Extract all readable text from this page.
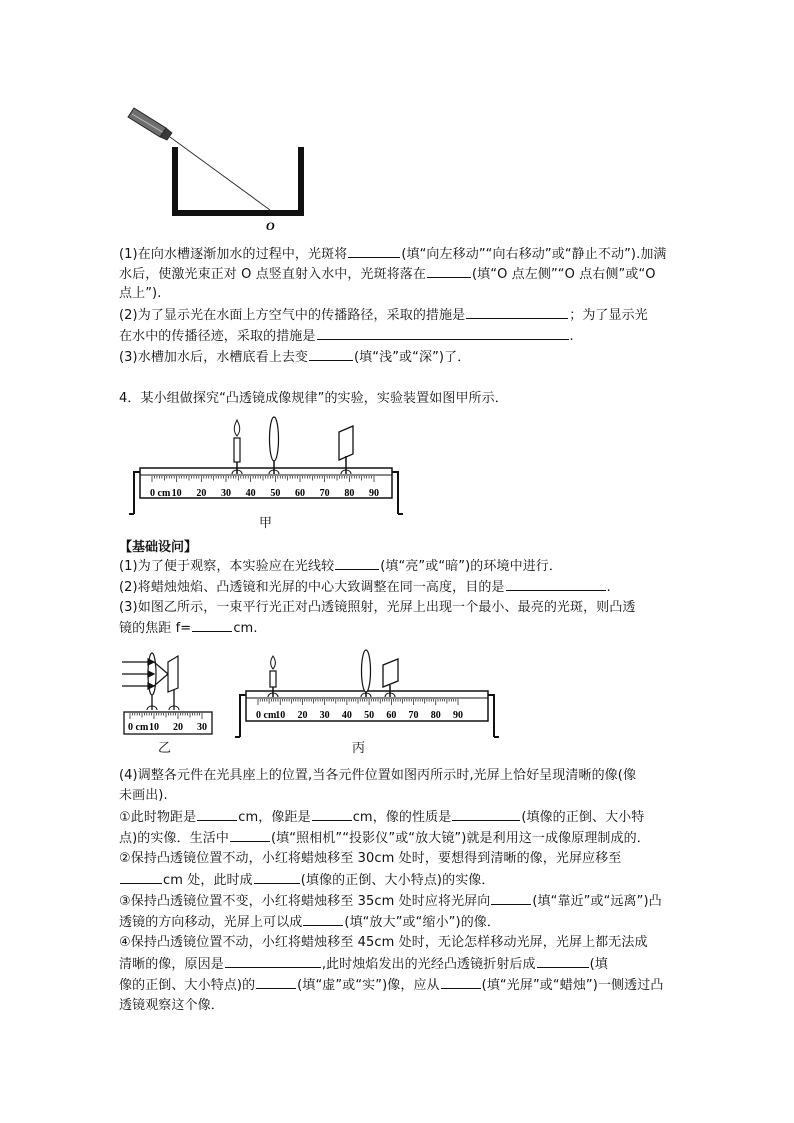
O
(1)在向水槽逐渐加水的过程中，光斑将	(填“向左移动”“向右移动”或“静止不动”).加满
水后，使激光束正对 O 点竖直射入水中，光斑将落在	(填“O 点左侧”“O 点右侧”或“O
点上”).
(2)为了显示光在水面上方空气中的传播路径，采取的措施是	；为了显示光
在水中的传播径迹，采取的措施是	.
(3)水槽加水后，水槽底看上去变	(填“浅”或“深”)了．
4．某小组做探究“凸透镜成像规律”的实验，实验装置如图甲所示．
0 cm 10 20 30 40 50 60 70 80 90
甲
【基础设问】
(1)为了便于观察，本实验应在光线较	(填“亮”或“暗”)的环境中进行．
(2)将蜡烛烛焰、凸透镜和光屏的中心大致调整在同一高度，目的是	.
(3)如图乙所示，一束平行光正对凸透镜照射，光屏上出现一个最小、最亮的光斑，则凸透
镜的焦距 f=	cm.
0 cm 10 20 30
乙
0 cm
10 20 30 40 50 60 70 80 90
丙
(4)调整各元件在光具座上的位置,当各元件位置如图丙所示时,光屏上恰好呈现清晰的像(像
未画出).
①此时物距是	cm，像距是	cm，像的性质是	(填像的正倒、大小特
点)的实像．生活中	(填“照相机”“投影仪”或“放大镜”)就是利用这一成像原理制成的．
②保持凸透镜位置不动，小红将蜡烛移至 30cm 处时，要想得到清晰的像，光屏应移至
cm 处，此时成	(填像的正倒、大小特点)的实像．
③保持凸透镜位置不变，小红将蜡烛移至 35cm 处时应将光屏向	(填“靠近”或“远离”)凸
透镜的方向移动，光屏上可以成	(填“放大”或“缩小”)的像．
④保持凸透镜位置不动，小红将蜡烛移至 45cm 处时，无论怎样移动光屏，光屏上都无法成
清晰的像，原因是	,此时烛焰发出的光经凸透镜折射后成	(填
像的正倒、大小特点)的	(填“虚”或“实”)像，应从	(填“光屏”或“蜡烛”)一侧透过凸
透镜观察这个像．
